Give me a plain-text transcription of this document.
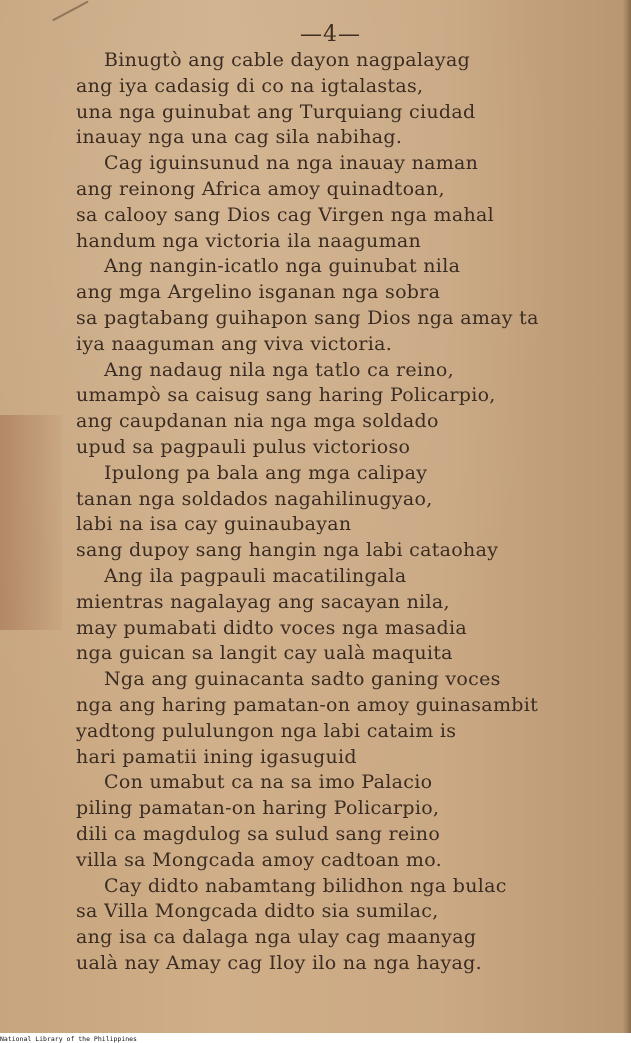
—4—
Binugtò ang cable dayon nagpalayag
ang iya cadasig di co na igtalastas,
una nga guinubat ang Turquiang ciudad
inauay nga una cag sila nabihag.
Cag iguinsunud na nga inauay naman
ang reinong Africa amoy quinadtoan,
sa calooy sang Dios cag Virgen nga mahal
handum nga victoria ila naaguman
Ang nangin-icatlo nga guinubat nila
ang mga Argelino isganan nga sobra
sa pagtabang guihapon sang Dios nga amay ta
iya naaguman ang viva victoria.
Ang nadaug nila nga tatlo ca reino,
umampò sa caisug sang haring Policarpio,
ang caupdanan nia nga mga soldado
upud sa pagpauli pulus victorioso
Ipulong pa bala ang mga calipay
tanan nga soldados nagahilinugyao,
labi na isa cay guinaubayan
sang dupoy sang hangin nga labi cataohay
Ang ila pagpauli macatilingala
mientras nagalayag ang sacayan nila,
may pumabati didto voces nga masadia
nga guican sa langit cay ualà maquita
Nga ang guinacanta sadto ganing voces
nga ang haring pamatan-on amoy guinasambit
yadtong pululungon nga labi cataim is
hari pamatii ining igasuguid
Con umabut ca na sa imo Palacio
piling pamatan-on haring Policarpio,
dili ca magdulog sa sulud sang reino
villa sa Mongcada amoy cadtoan mo.
Cay didto nabamtang bilidhon nga bulac
sa Villa Mongcada didto sia sumilac,
ang isa ca dalaga nga ulay cag maanyag
ualà nay Amay cag Iloy ilo na nga hayag.
National Library of the Philippines
